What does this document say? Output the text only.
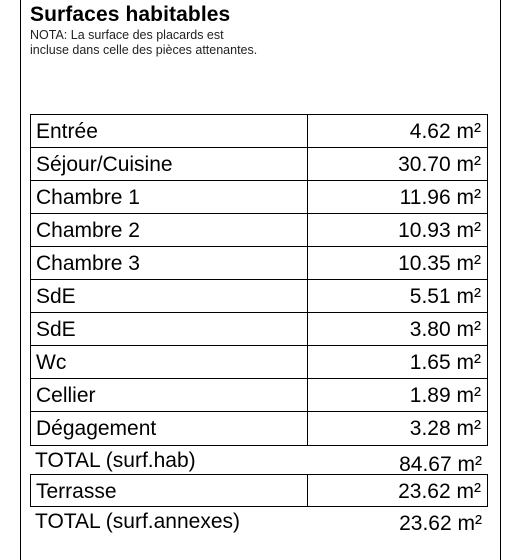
Surfaces habitables
NOTA: La surface des placards est
incluse dans celle des pièces attenantes.
Entrée	4.62 m²
Séjour/Cuisine	30.70 m²
Chambre 1	11.96 m²
Chambre 2	10.93 m²
Chambre 3	10.35 m²
SdE	5.51 m²
SdE	3.80 m²
Wc	1.65 m²
Cellier	1.89 m²
Dégagement	3.28 m²
TOTAL (surf.hab)	84.67 m²
Terrasse	23.62 m²
TOTAL (surf.annexes)	23.62 m²
